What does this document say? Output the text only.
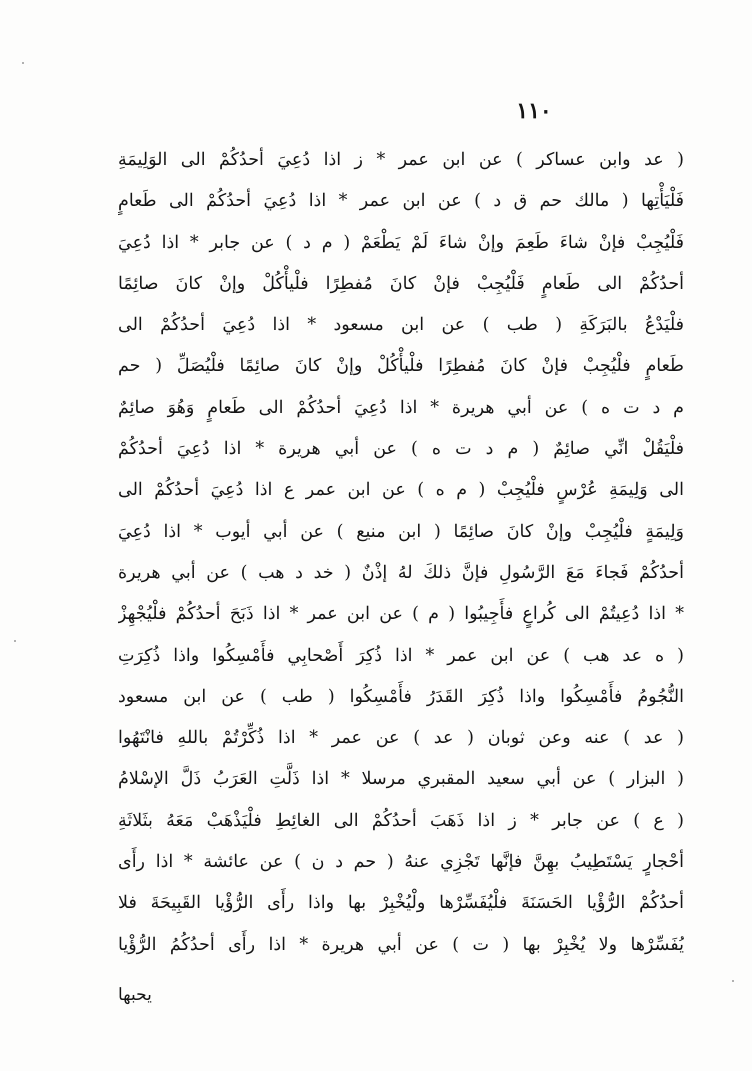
١١٠
( عد وابن عساكر ) عن ابن عمر * ز اذا دُعِيَ أحدُكُمْ الى الوَلِيمَةِ
فَلْيَأْتِها ( مالك حم ق د ) عن ابن عمر * اذا دُعِيَ أحدُكُمْ الى طَعامٍ
فَلْيُجِبْ فإنْ شاءَ طَعِمَ وإنْ شاءَ لَمْ يَطْعَمْ ( م د ) عن جابر * اذا دُعِيَ
أحدُكُمْ الى طَعامٍ فَلْيُجِبْ فإنْ كانَ مُفطِرًا فلْيأْكُلْ وإنْ كانَ صائِمًا
فلْيَدْعُ بالبَرَكَةِ ( طب ) عن ابن مسعود * اذا دُعِيَ أحدُكُمْ الى
طَعامٍ فلْيُجِبْ فإنْ كانَ مُفطِرًا فلْيأْكُلْ وإنْ كانَ صائِمًا فلْيُصَلِّ ( حم
م د ت ه ) عن أبي هريرة * اذا دُعِيَ أحدُكُمْ الى طَعامٍ وَهُوَ صائِمٌ
فلْيَقُلْ انِّي صائِمٌ ( م د ت ه ) عن أبي هريرة * اذا دُعِيَ أحدُكُمْ
الى وَلِيمَةِ عُرْسٍ فلْيُجِبْ ( م ه ) عن ابن عمر ع اذا دُعِيَ أحدُكُمْ الى
وَلِيمَةٍ فلْيُجِبْ وإنْ كانَ صائِمًا ( ابن منيع ) عن أبي أيوب * اذا دُعِيَ
أحدُكُمْ فَجاءَ مَعَ الرَّسُولِ فإنَّ ذلكَ لهُ إذْنٌ ( خد د هب ) عن أبي هريرة
* اذا دُعِيتُمْ الى كُراعٍ فأَجِيبُوا ( م ) عن ابن عمر * اذا ذَبَحَ أحدُكُمْ فلْيُجْهِزْ
( ه عد هب ) عن ابن عمر * اذا ذُكِرَ أَصْحابِي فأَمْسِكُوا واذا ذُكِرَتِ
النُّجُومُ فأَمْسِكُوا واذا ذُكِرَ القَدَرُ فأَمْسِكُوا ( طب ) عن ابن مسعود
( عد ) عنه وعن ثوبان ( عد ) عن عمر * اذا ذُكِّرْتُمْ باللهِ فانْتَهُوا
( البزار ) عن أبي سعيد المقبري مرسلا * اذا ذَلَّتِ العَرَبُ ذَلَّ الإسْلامُ
( ع ) عن جابر * ز اذا ذَهَبَ أحدُكُمْ الى الغائِطِ فلْيَذْهَبْ مَعَهُ بثَلاثَةِ
أحْجارٍ يَسْتَطِيبُ بهِنَّ فإنَّها تَجْزِي عنهُ ( حم د ن ) عن عائشة * اذا رأَى
أحدُكُمْ الرُّؤْيا الحَسَنَةَ فلْيُفَسِّرْها ولْيُخْبِرْ بها واذا رأَى الرُّؤْيا القَبِيحَةَ فلا
يُفَسِّرْها ولا يُخْبِرْ بها ( ت ) عن أبي هريرة * اذا رأَى أحدُكُمُ الرُّؤْيا
يحبها
